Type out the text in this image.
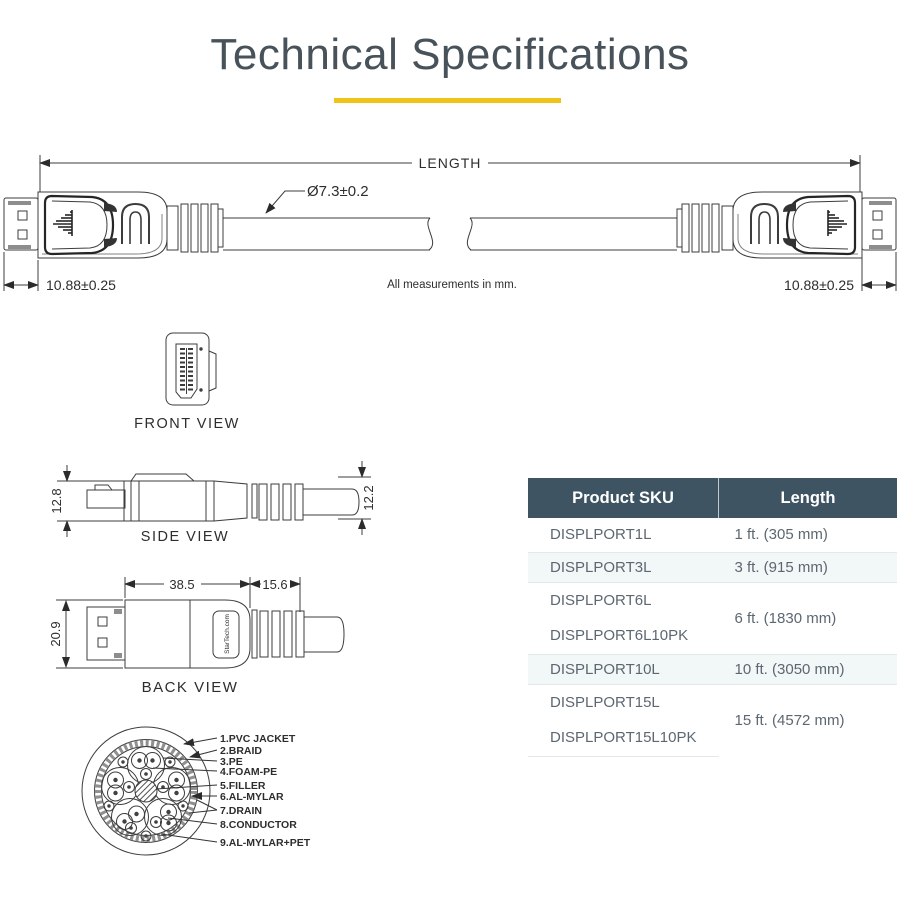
Technical Specifications
LENGTH
Ø7.3±0.2
10.88±0.25	10.88±0.25
All measurements in mm.
FRONT VIEW
12.8	12.2
SIDE VIEW
StarTech.com
38.5	15.6
20.9
BACK VIEW
1.PVC JACKET
2.BRAID
3.PE
4.FOAM-PE
5.FILLER
6.AL-MYLAR
7.DRAIN
8.CONDUCTOR
9.AL-MYLAR+PET
Product SKU	Length
DISPLPORT1L	1 ft. (305 mm)
DISPLPORT3L	3 ft. (915 mm)
DISPLPORT6L	6 ft. (1830 mm)
DISPLPORT6L10PK	
DISPLPORT10L	10 ft. (3050 mm)
DISPLPORT15L	15 ft. (4572 mm)
DISPLPORT15L10PK	
